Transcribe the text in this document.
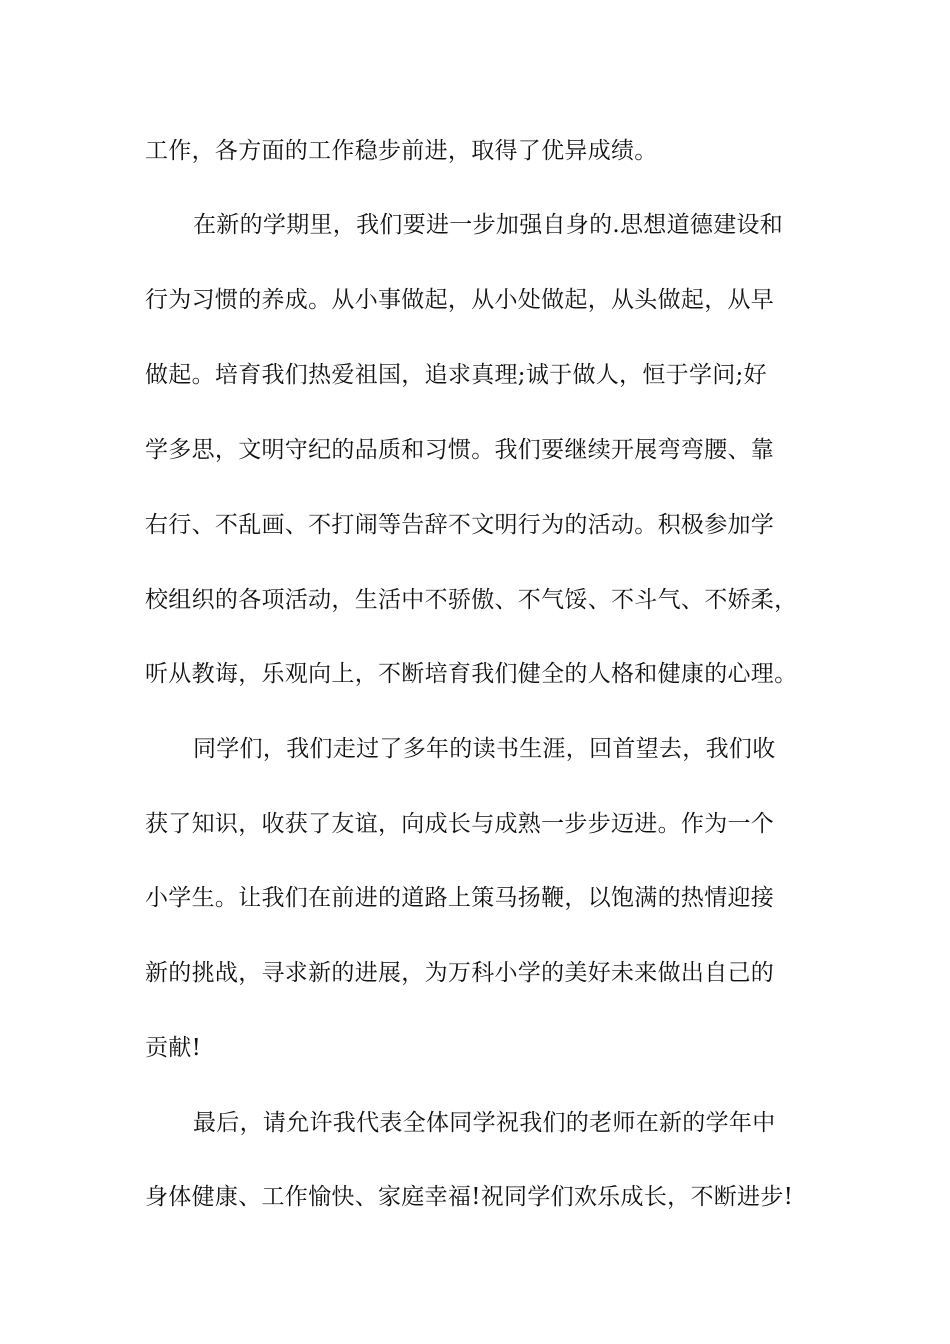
工作，各方面的工作稳步前进，取得了优异成绩。
在新的学期里，我们要进一步加强自身的.思想道德建设和
行为习惯的养成。从小事做起，从小处做起，从头做起，从早
做起。培育我们热爱祖国，追求真理;诚于做人，恒于学问;好
学多思，文明守纪的品质和习惯。我们要继续开展弯弯腰、靠
右行、不乱画、不打闹等告辞不文明行为的活动。积极参加学
校组织的各项活动，生活中不骄傲、不气馁、不斗气、不娇柔，
听从教诲，乐观向上，不断培育我们健全的人格和健康的心理。
同学们，我们走过了多年的读书生涯，回首望去，我们收
获了知识，收获了友谊，向成长与成熟一步步迈进。作为一个
小学生。让我们在前进的道路上策马扬鞭，以饱满的热情迎接
新的挑战，寻求新的进展，为万科小学的美好未来做出自己的
贡献!
最后，请允许我代表全体同学祝我们的老师在新的学年中
身体健康、工作愉快、家庭幸福!祝同学们欢乐成长，不断进步!
